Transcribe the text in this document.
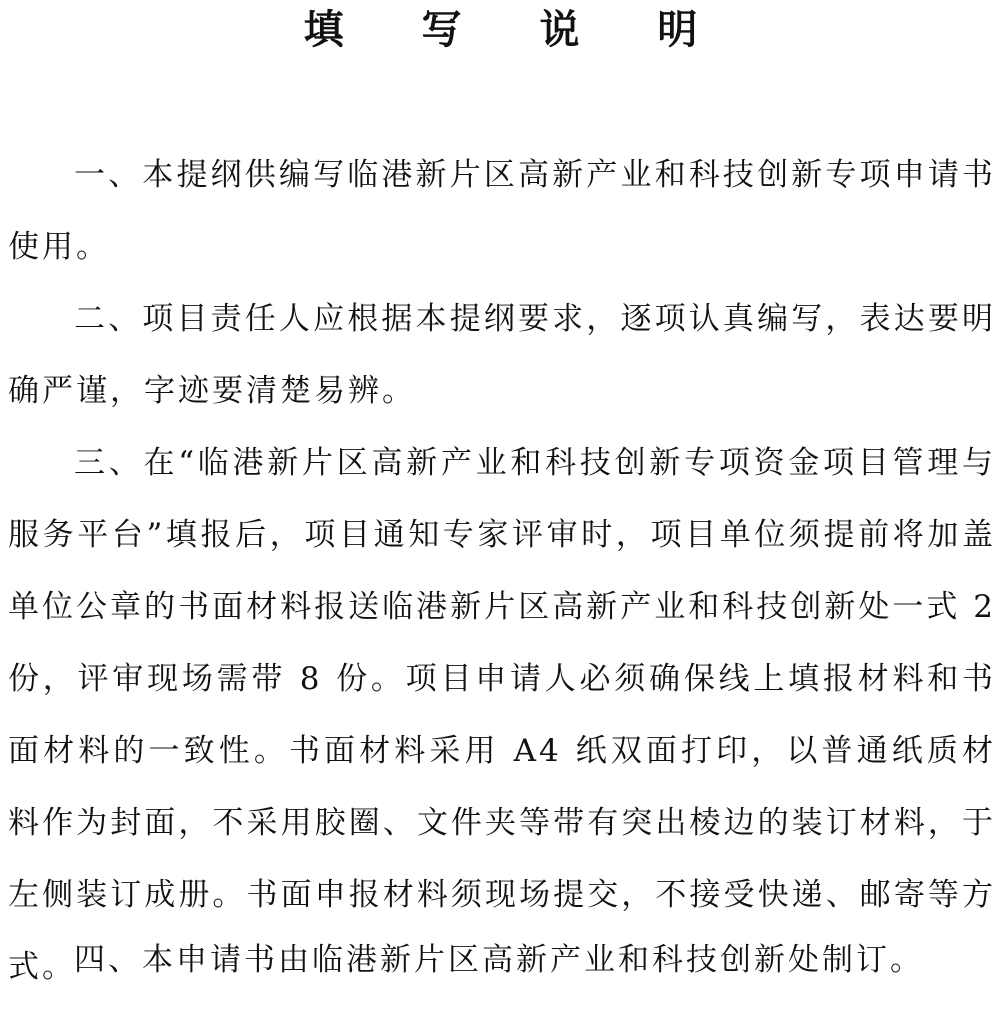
填 写 说 明

一、本提纲供编写临港新片区高新产业和科技创新专项申请书使用。

二、项目责任人应根据本提纲要求，逐项认真编写，表达要明确严谨，字迹要清楚易辨。

三、在“临港新片区高新产业和科技创新专项资金项目管理与服务平台”填报后，项目通知专家评审时，项目单位须提前将加盖单位公章的书面材料报送临港新片区高新产业和科技创新处一式 2 份，评审现场需带 8 份。项目申请人必须确保线上填报材料和书面材料的一致性。书面材料采用 A4 纸双面打印，以普通纸质材料作为封面，不采用胶圈、文件夹等带有突出棱边的装订材料，于左侧装订成册。书面申报材料须现场提交，不接受快递、邮寄等方式。

四、本申请书由临港新片区高新产业和科技创新处制订。
